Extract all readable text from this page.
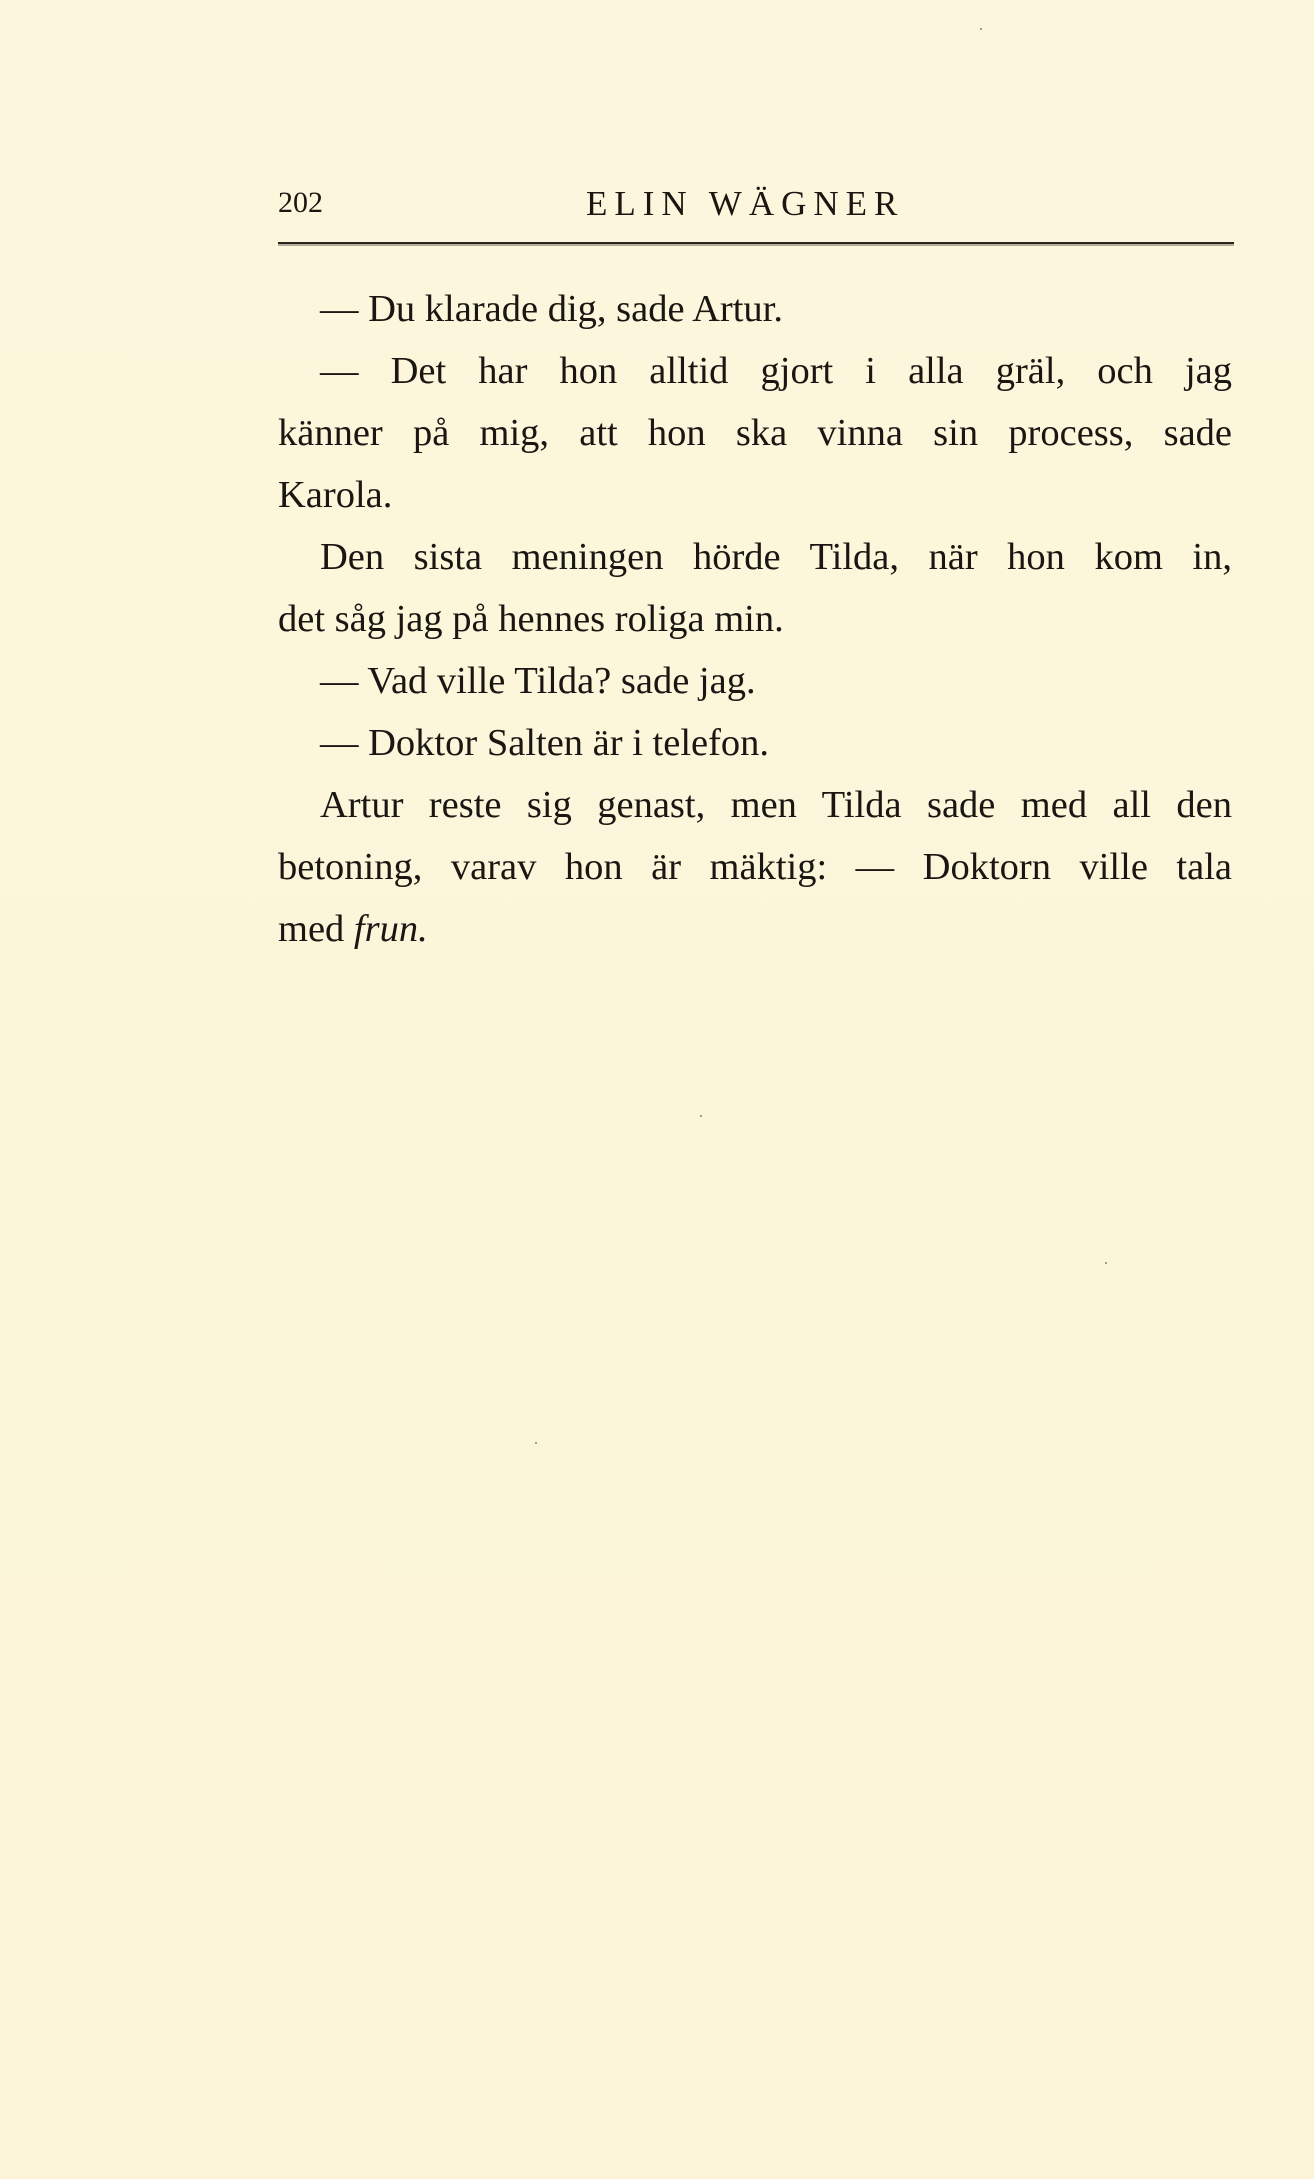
202	ELIN WÄGNER
— Du klarade dig, sade Artur.
— Det har hon alltid gjort i alla gräl, och jag
känner på mig, att hon ska vinna sin process, sade
Karola.
Den sista meningen hörde Tilda, när hon kom in,
det såg jag på hennes roliga min.
— Vad ville Tilda? sade jag.
— Doktor Salten är i telefon.
Artur reste sig genast, men Tilda sade med all den
betoning, varav hon är mäktig: — Doktorn ville tala
med frun.
